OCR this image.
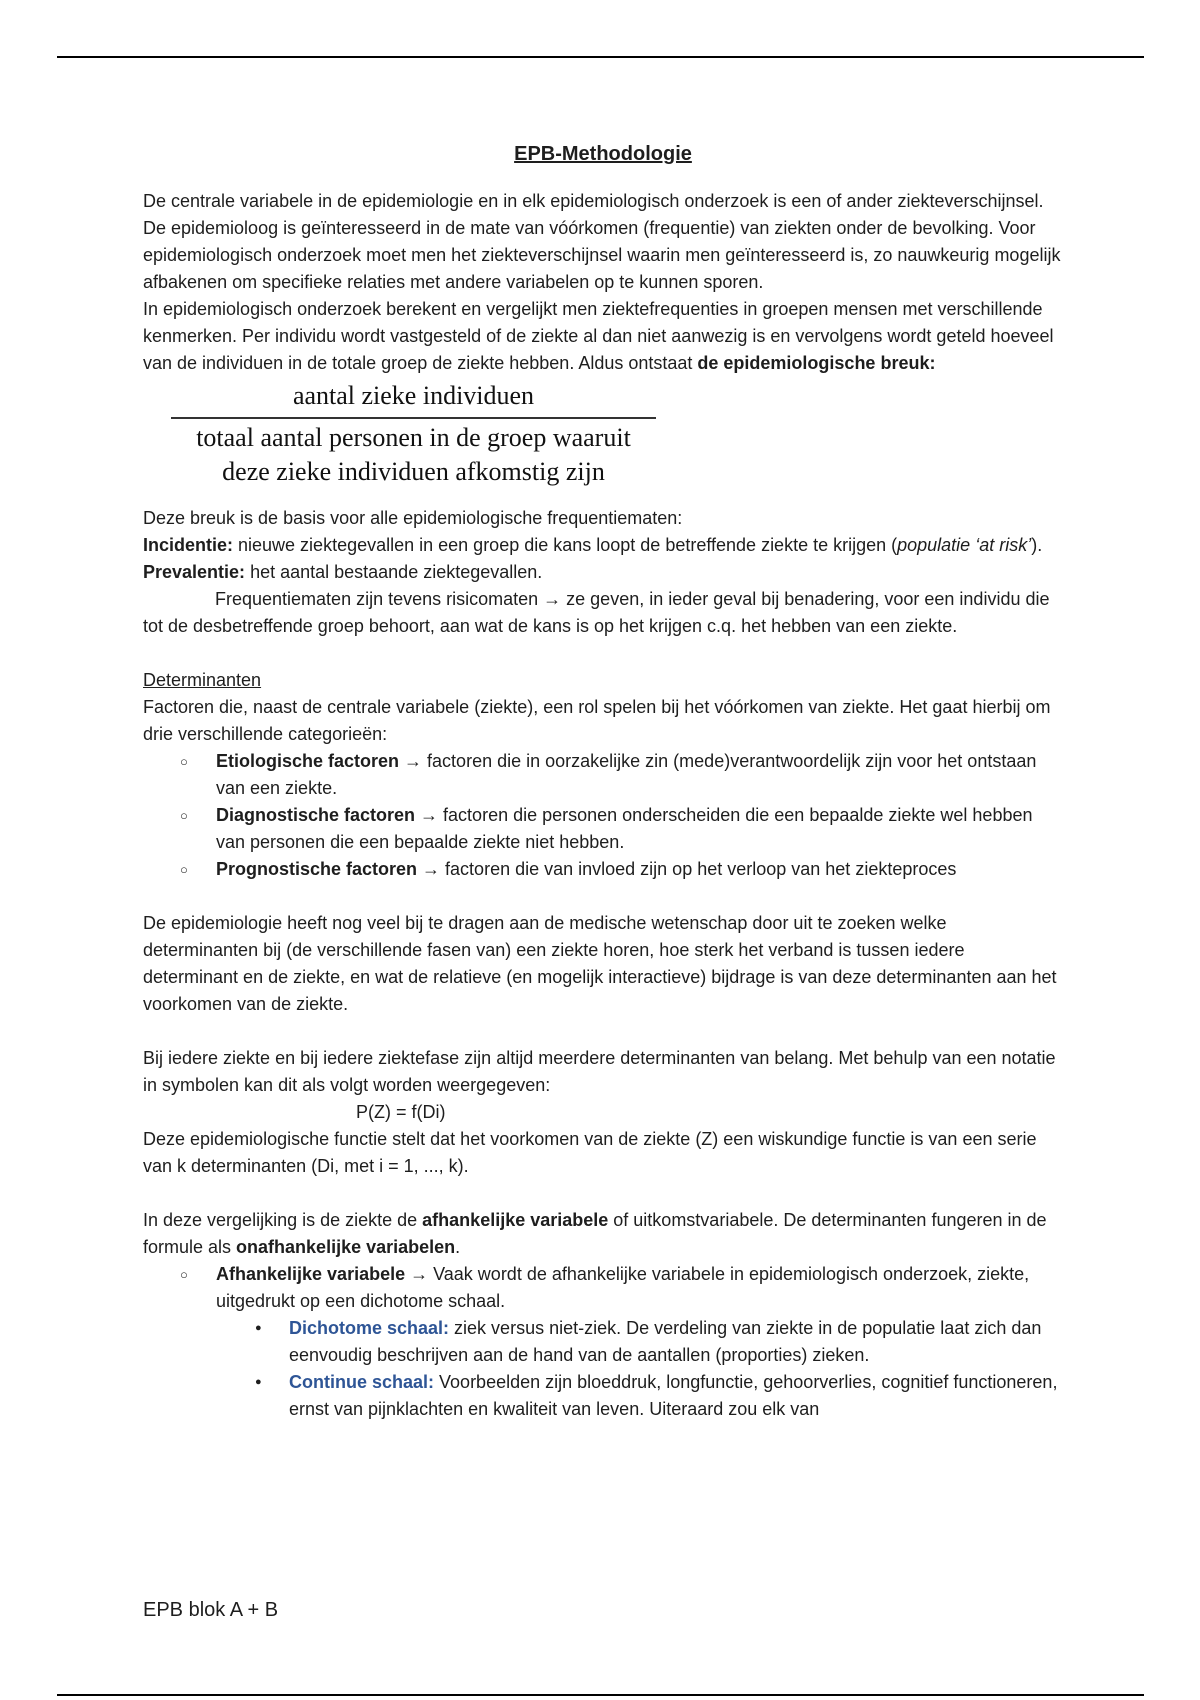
EPB-Methodologie

De centrale variabele in de epidemiologie en in elk epidemiologisch onderzoek is een of ander ziekteverschijnsel. De epidemioloog is geïnteresseerd in de mate van vóórkomen (frequentie) van ziekten onder de bevolking. Voor epidemiologisch onderzoek moet men het ziekteverschijnsel waarin men geïnteresseerd is, zo nauwkeurig mogelijk afbakenen om specifieke relaties met andere variabelen op te kunnen sporen.

In epidemiologisch onderzoek berekent en vergelijkt men ziektefrequenties in groepen mensen met verschillende kenmerken. Per individu wordt vastgesteld of de ziekte al dan niet aanwezig is en vervolgens wordt geteld hoeveel van de individuen in de totale groep de ziekte hebben. Aldus ontstaat de epidemiologische breuk:

aantal zieke individuen
totaal aantal personen in de groep waaruit
deze zieke individuen afkomstig zijn

Deze breuk is de basis voor alle epidemiologische frequentiematen:

Incidentie: nieuwe ziektegevallen in een groep die kans loopt de betreffende ziekte te krijgen (populatie ‘at risk’).

Prevalentie: het aantal bestaande ziektegevallen.

Frequentiematen zijn tevens risicomaten → ze geven, in ieder geval bij benadering, voor een individu die tot de desbetreffende groep behoort, aan wat de kans is op het krijgen c.q. het hebben van een ziekte.

Determinanten

Factoren die, naast de centrale variabele (ziekte), een rol spelen bij het vóórkomen van ziekte. Het gaat hierbij om drie verschillende categorieën:

○ Etiologische factoren → factoren die in oorzakelijke zin (mede)verantwoordelijk zijn voor het ontstaan van een ziekte.
○ Diagnostische factoren → factoren die personen onderscheiden die een bepaalde ziekte wel hebben van personen die een bepaalde ziekte niet hebben.
○ Prognostische factoren → factoren die van invloed zijn op het verloop van het ziekteproces

De epidemiologie heeft nog veel bij te dragen aan de medische wetenschap door uit te zoeken welke determinanten bij (de verschillende fasen van) een ziekte horen, hoe sterk het verband is tussen iedere determinant en de ziekte, en wat de relatieve (en mogelijk interactieve) bijdrage is van deze determinanten aan het voorkomen van de ziekte.

Bij iedere ziekte en bij iedere ziektefase zijn altijd meerdere determinanten van belang. Met behulp van een notatie in symbolen kan dit als volgt worden weergegeven:

P(Z) = f(Di)

Deze epidemiologische functie stelt dat het voorkomen van de ziekte (Z) een wiskundige functie is van een serie van k determinanten (Di, met i = 1, ..., k).

In deze vergelijking is de ziekte de afhankelijke variabele of uitkomstvariabele. De determinanten fungeren in de formule als onafhankelijke variabelen.

○ Afhankelijke variabele → Vaak wordt de afhankelijke variabele in epidemiologisch onderzoek, ziekte, uitgedrukt op een dichotome schaal.
● Dichotome schaal: ziek versus niet-ziek. De verdeling van ziekte in de populatie laat zich dan eenvoudig beschrijven aan de hand van de aantallen (proporties) zieken.
● Continue schaal: Voorbeelden zijn bloeddruk, longfunctie, gehoorverlies, cognitief functioneren, ernst van pijnklachten en kwaliteit van leven. Uiteraard zou elk van
EPB blok A + B
